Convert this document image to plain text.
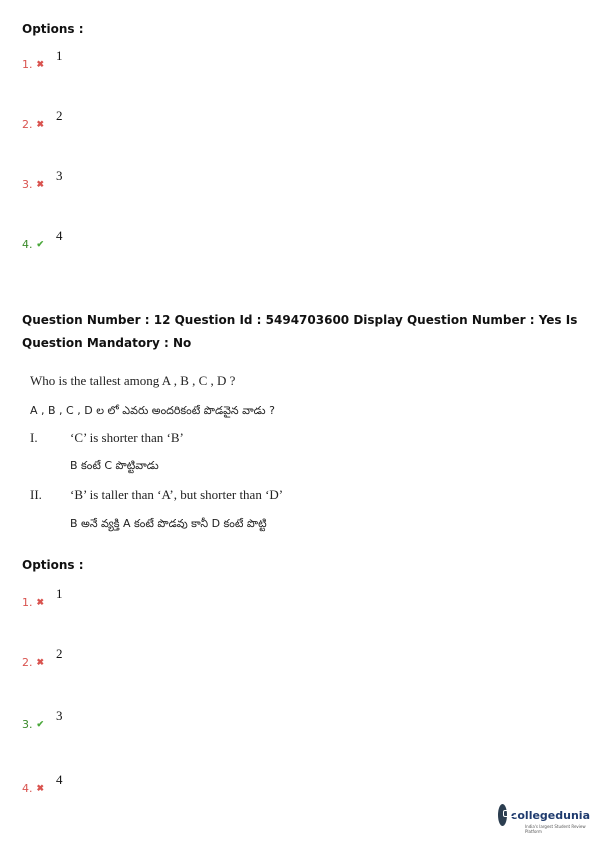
Options :
1. ✖
1
2. ✖
2
3. ✖
3
4. ✔
4
Question Number : 12 Question Id : 5494703600 Display Question Number : Yes Is Question Mandatory : No
Who is the tallest among A , B , C , D ?
A , B , C , D ల లో ఎవరు అందరికంటే పొడవైన వాడు ?
I. ‘C’ is shorter than ‘B’
B కంటే C పొట్టివాడు
II. ‘B’ is taller than ‘A’, but shorter than ‘D’
B అనే వ్యక్తి A కంటే పొడవు కానీ D కంటే పొట్టి
Options :
1. ✖
1
2. ✖
2
3. ✔
3
4. ✖
4
collegedunia
India's largest Student Review Platform
